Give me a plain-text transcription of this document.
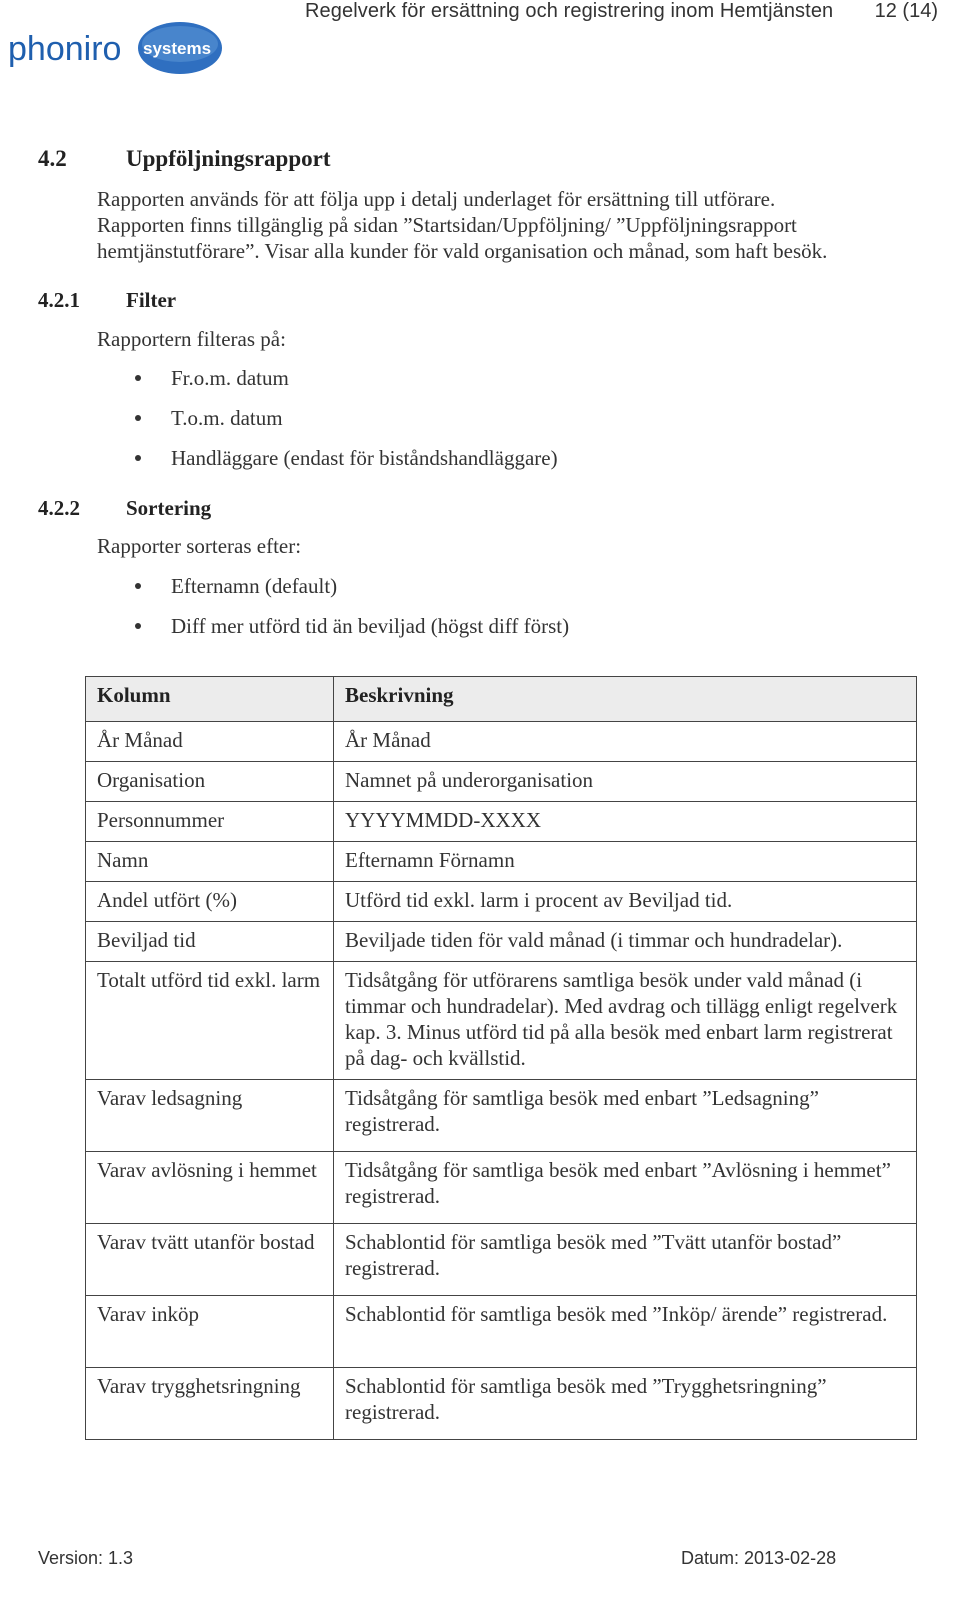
phoniro systems
Regelverk för ersättning och registrering inom Hemtjänsten 12 (14)
4.2	Uppföljningsrapport
Rapporten används för att följa upp i detalj underlaget för ersättning till utförare.
Rapporten finns tillgänglig på sidan ”Startsidan/Uppföljning/ ”Uppföljningsrapport
hemtjänstutförare”. Visar alla kunder för vald organisation och månad, som haft besök.
4.2.1 Filter
Rapportern filteras på:
Fr.o.m. datum
T.o.m. datum
Handläggare (endast för biståndshandläggare)
4.2.2 Sortering
Rapporter sorteras efter:
Efternamn (default)
Diff mer utförd tid än beviljad (högst diff först)
Kolumn	Beskrivning
År Månad	År Månad
Organisation	Namnet på underorganisation
Personnummer	YYYYMMDD-XXXX
Namn	Efternamn Förnamn
Andel utfört (%)	Utförd tid exkl. larm i procent av Beviljad tid.
Beviljad tid	Beviljade tiden för vald månad (i timmar och hundradelar).
Totalt utförd tid exkl. larm	Tidsåtgång för utförarens samtliga besök under vald månad (i timmar och hundradelar). Med avdrag och tillägg enligt regelverk kap. 3. Minus utförd tid på alla besök med enbart larm registrerat på dag- och kvällstid.
Varav ledsagning	Tidsåtgång för samtliga besök med enbart ”Ledsagning” registrerad.
Varav avlösning i hemmet	Tidsåtgång för samtliga besök med enbart ”Avlösning i hemmet” registrerad.
Varav tvätt utanför bostad	Schablontid för samtliga besök med ”Tvätt utanför bostad” registrerad.
Varav inköp	Schablontid för samtliga besök med ”Inköp/ ärende” registrerad.
Varav trygghetsringning	Schablontid för samtliga besök med ”Trygghetsringning” registrerad.
Version: 1.3	Datum: 2013-02-28
